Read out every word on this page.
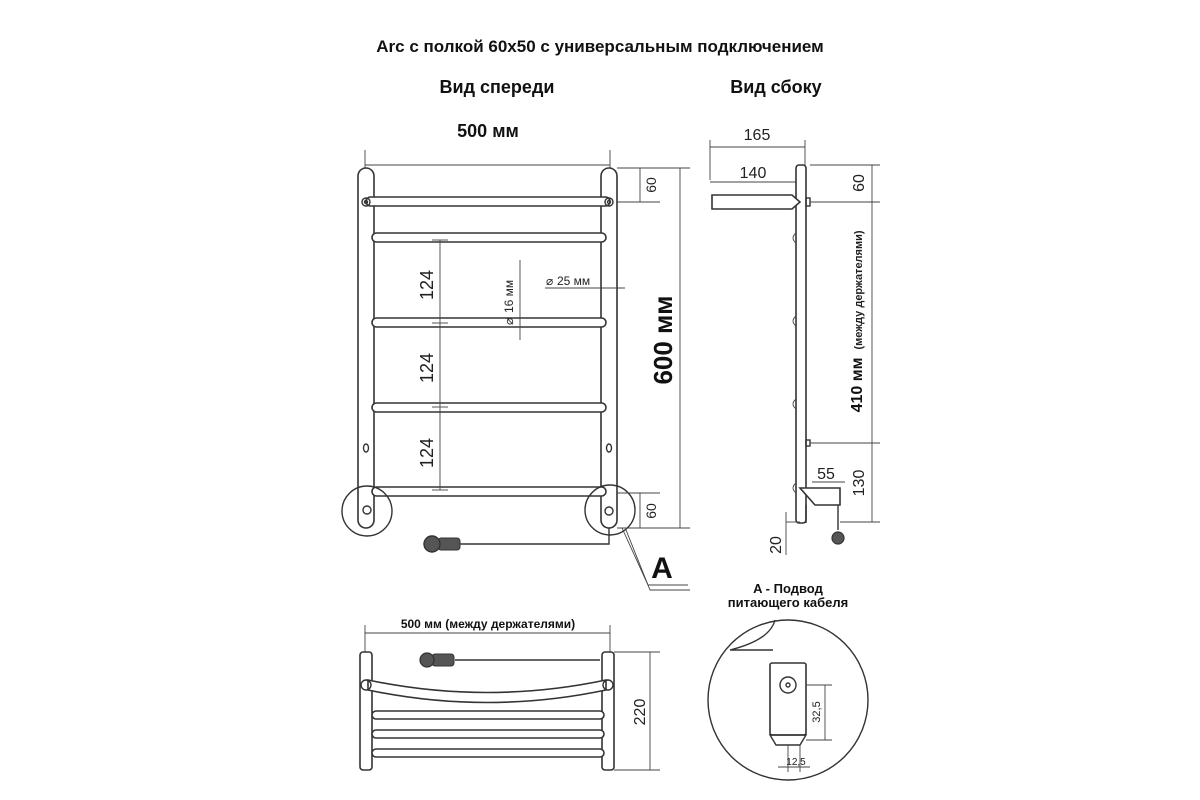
Arc с полкой 60x50 с универсальным подключением
Вид спереди	Вид сбоку
500 мм
A
60
60
600 мм
124
124
124
⌀
16 мм	⌀ 25 мм
165
140
60
410 мм
(между держателями)
130
55
20
500 мм (между держателями)
220
A - Подвод
питающего кабеля
32,5
12,5
